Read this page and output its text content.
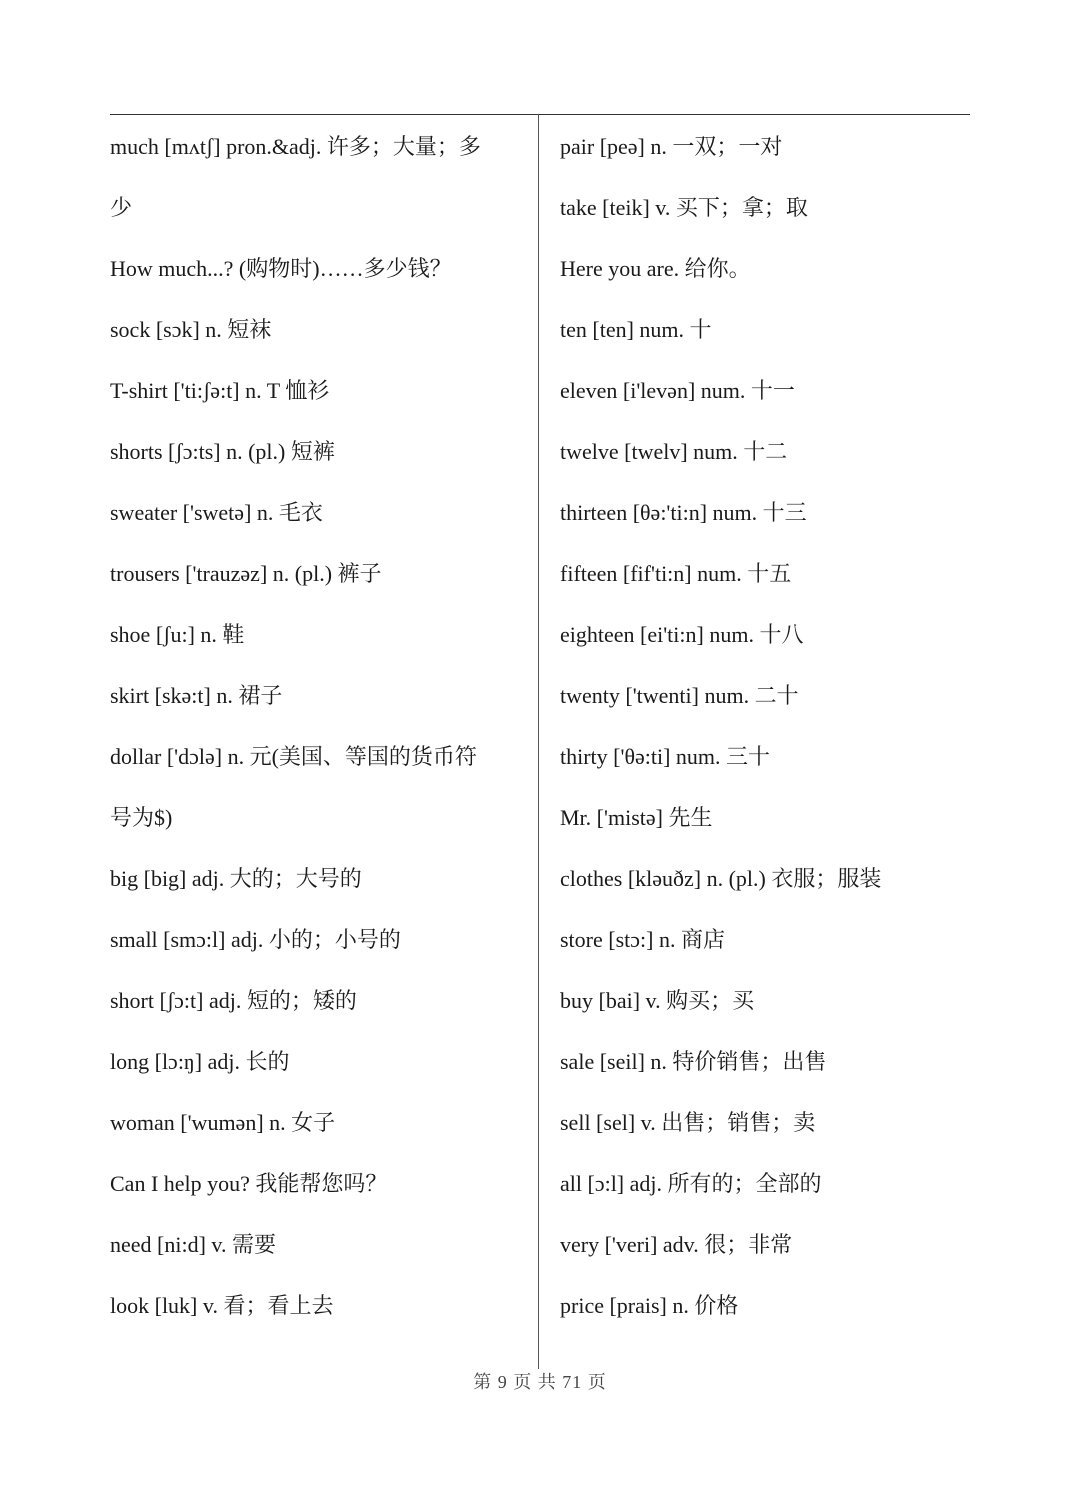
much [mʌtʃ] pron.&adj. 许多；大量；多
少
How much...? (购物时)……多少钱？
sock [sɔk] n. 短袜
T-shirt ['ti:ʃə:t] n. T 恤衫
shorts [ʃɔ:ts] n. (pl.) 短裤
sweater ['swetə] n. 毛衣
trousers ['trauzəz] n. (pl.) 裤子
shoe [ʃu:] n. 鞋
skirt [skə:t] n. 裙子
dollar ['dɔlə] n. 元(美国、等国的货币符
号为$)
big [big] adj. 大的；大号的
small [smɔ:l] adj. 小的；小号的
short [ʃɔ:t] adj. 短的；矮的
long [lɔ:ŋ] adj. 长的
woman ['wumən] n. 女子
Can I help you? 我能帮您吗？
need [ni:d] v. 需要
look [luk] v. 看；看上去
pair [peə] n. 一双；一对
take [teik] v. 买下；拿；取
Here you are. 给你。
ten [ten] num. 十
eleven [i'levən] num. 十一
twelve [twelv] num. 十二
thirteen [θə:'ti:n] num. 十三
fifteen [fif'ti:n] num. 十五
eighteen [ei'ti:n] num. 十八
twenty ['twenti] num. 二十
thirty ['θə:ti] num. 三十
Mr. ['mistə] 先生
clothes [kləuðz] n. (pl.) 衣服；服装
store [stɔ:] n. 商店
buy [bai] v. 购买；买
sale [seil] n. 特价销售；出售
sell [sel] v. 出售；销售；卖
all [ɔ:l] adj. 所有的；全部的
very ['veri] adv. 很；非常
price [prais] n. 价格
第 9 页 共 71 页
